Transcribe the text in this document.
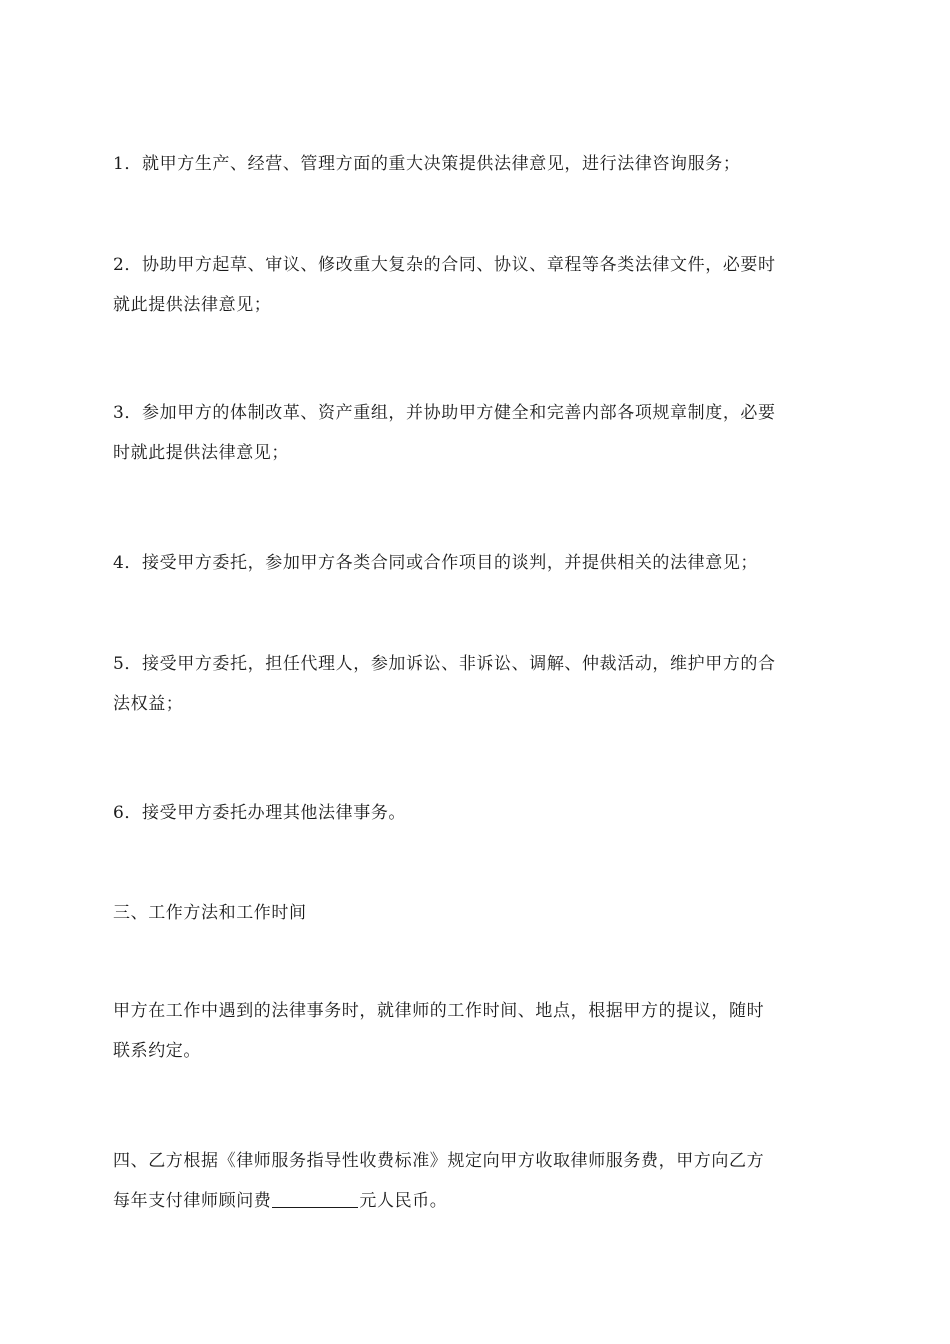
1．就甲方生产、经营、管理方面的重大决策提供法律意见，进行法律咨询服务；

2．协助甲方起草、审议、修改重大复杂的合同、协议、章程等各类法律文件，必要时
就此提供法律意见；

3．参加甲方的体制改革、资产重组，并协助甲方健全和完善内部各项规章制度，必要
时就此提供法律意见；

4．接受甲方委托，参加甲方各类合同或合作项目的谈判，并提供相关的法律意见；

5．接受甲方委托，担任代理人，参加诉讼、非诉讼、调解、仲裁活动，维护甲方的合
法权益；

6．接受甲方委托办理其他法律事务。

三、工作方法和工作时间

甲方在工作中遇到的法律事务时，就律师的工作时间、地点，根据甲方的提议，随时
联系约定。

四、乙方根据《律师服务指导性收费标准》规定向甲方收取律师服务费，甲方向乙方
每年支付律师顾问费	元人民币。
